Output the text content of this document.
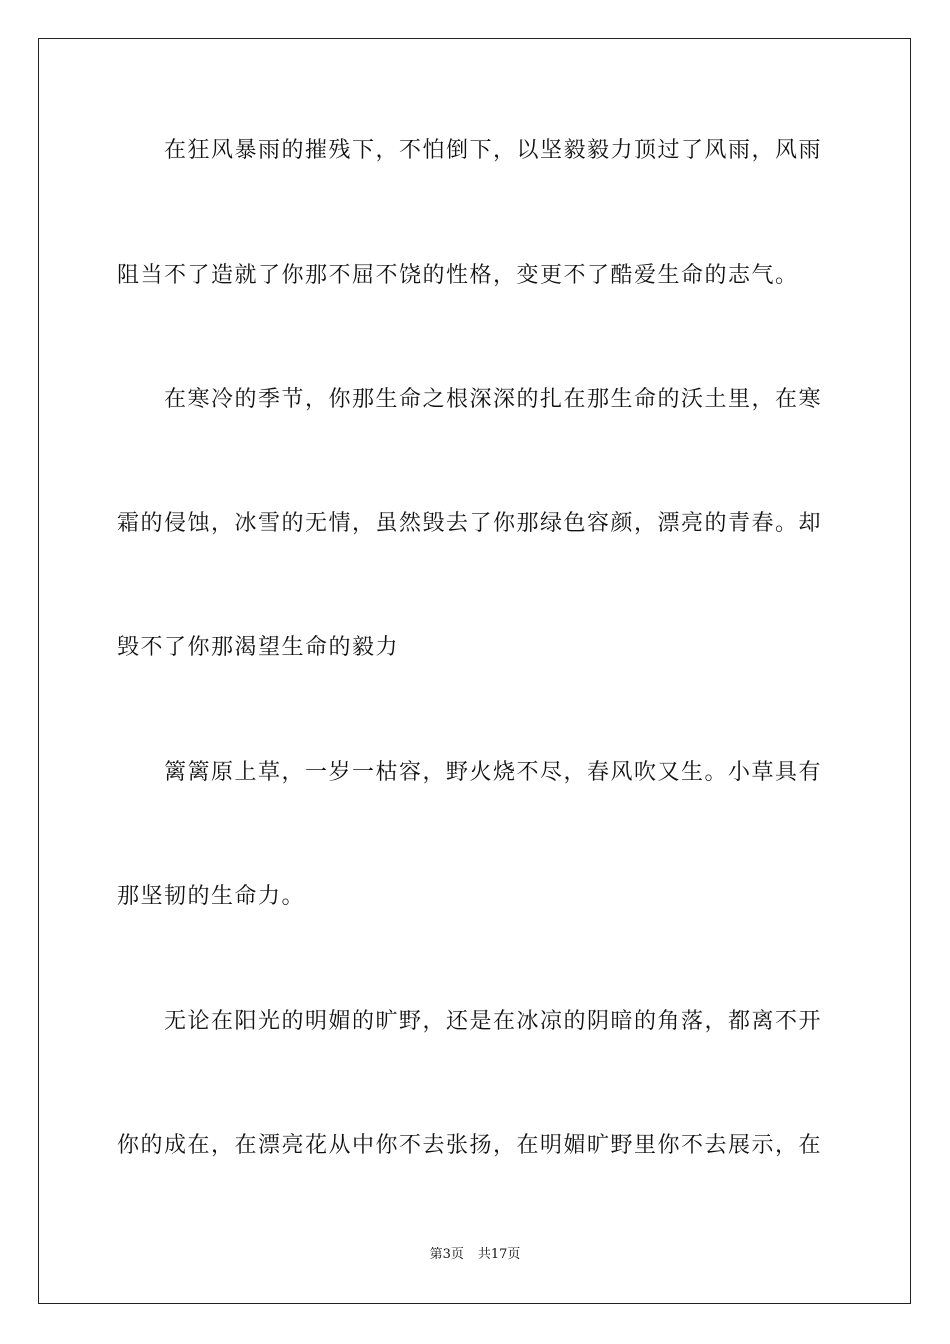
　　在狂风暴雨的摧残下，不怕倒下，以坚毅毅力顶过了风雨，风雨
阻当不了造就了你那不屈不饶的性格，变更不了酷爱生命的志气。
　　在寒冷的季节，你那生命之根深深的扎在那生命的沃土里，在寒
霜的侵蚀，冰雪的无情，虽然毁去了你那绿色容颜，漂亮的青春。却
毁不了你那渴望生命的毅力
　　篱篱原上草，一岁一枯容，野火烧不尽，春风吹又生。小草具有
那坚韧的生命力。
　　无论在阳光的明媚的旷野，还是在冰凉的阴暗的角落，都离不开
你的成在，在漂亮花从中你不去张扬，在明媚旷野里你不去展示，在
第3页 共17页
